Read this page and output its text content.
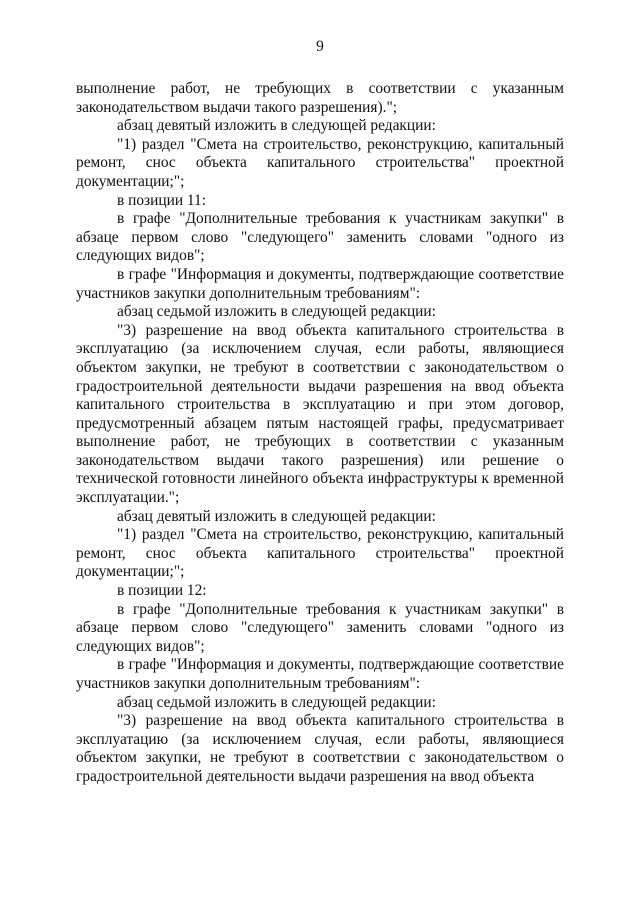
9

выполнение работ, не требующих в соответствии с указанным законодательством выдачи такого разрешения).";

абзац девятый изложить в следующей редакции:

"1) раздел "Смета на строительство, реконструкцию, капитальный ремонт, снос объекта капитального строительства" проектной документации;";

в позиции 11:

в графе "Дополнительные требования к участникам закупки" в абзаце первом слово "следующего" заменить словами "одного из следующих видов";

в графе "Информация и документы, подтверждающие соответствие участников закупки дополнительным требованиям":

абзац седьмой изложить в следующей редакции:

"3) разрешение на ввод объекта капитального строительства в эксплуатацию (за исключением случая, если работы, являющиеся объектом закупки, не требуют в соответствии с законодательством о градостроительной деятельности выдачи разрешения на ввод объекта капитального строительства в эксплуатацию и при этом договор, предусмотренный абзацем пятым настоящей графы, предусматривает выполнение работ, не требующих в соответствии с указанным законодательством выдачи такого разрешения) или решение о технической готовности линейного объекта инфраструктуры к временной эксплуатации.";

абзац девятый изложить в следующей редакции:

"1) раздел "Смета на строительство, реконструкцию, капитальный ремонт, снос объекта капитального строительства" проектной документации;";

в позиции 12:

в графе "Дополнительные требования к участникам закупки" в абзаце первом слово "следующего" заменить словами "одного из следующих видов";

в графе "Информация и документы, подтверждающие соответствие участников закупки дополнительным требованиям":

абзац седьмой изложить в следующей редакции:

"3) разрешение на ввод объекта капитального строительства в эксплуатацию (за исключением случая, если работы, являющиеся объектом закупки, не требуют в соответствии с законодательством о градостроительной деятельности выдачи разрешения на ввод объекта
